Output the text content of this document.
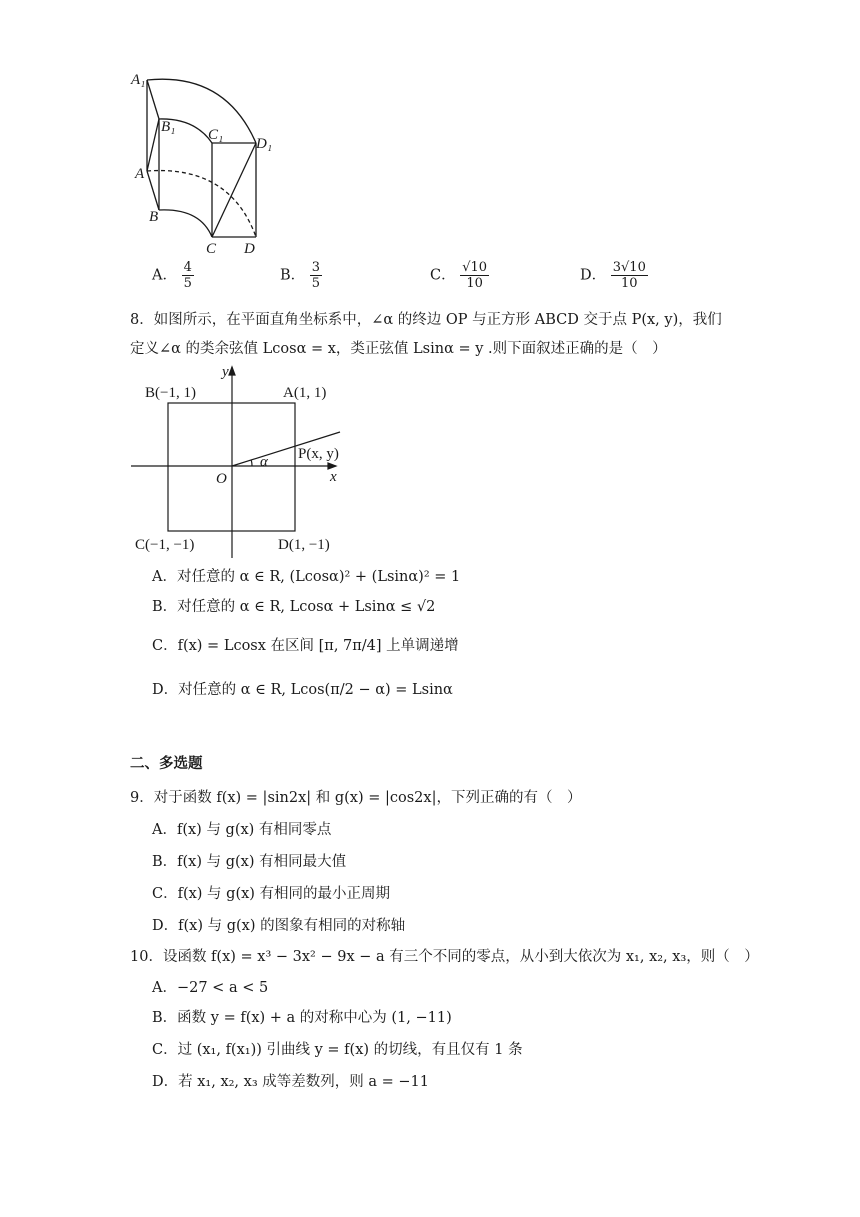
A₁
B₁ C₁
D₁
A
B
C D
A． $\frac{4}{5}$	B． $\frac{3}{5}$	C． $\frac{√10}{10}$	D． $\frac{3√10}{10}$
8．如图所示，在平面直角坐标系中，∠α 的终边 OP 与正方形 ABCD 交于点 P(x, y)，我们
定义∠α 的类余弦值 Lcosα = x，类正弦值 Lsinα = y .则下面叙述正确的是（　）
y
x
O
α
B(−1, 1)	A(1, 1)
C(−1, −1)	D(1, −1)
P(x, y)
A．对任意的 α ∈ R, (Lcosα)² + (Lsinα)² = 1
B．对任意的 α ∈ R, Lcosα + Lsinα ≤ √2
C．f(x) = Lcosx 在区间 [π, 7π/4] 上单调递增
D．对任意的 α ∈ R, Lcos(π/2 − α) = Lsinα
二、多选题
9．对于函数 f(x) = |sin2x| 和 g(x) = |cos2x|，下列正确的有（　）
A．f(x) 与 g(x) 有相同零点
B．f(x) 与 g(x) 有相同最大值
C．f(x) 与 g(x) 有相同的最小正周期
D．f(x) 与 g(x) 的图象有相同的对称轴
10．设函数 f(x) = x³ − 3x² − 9x − a 有三个不同的零点，从小到大依次为 x₁, x₂, x₃，则（　）
A．−27 < a < 5
B．函数 y = f(x) + a 的对称中心为 (1, −11)
C．过 (x₁, f(x₁)) 引曲线 y = f(x) 的切线，有且仅有 1 条
D．若 x₁, x₂, x₃ 成等差数列，则 a = −11
